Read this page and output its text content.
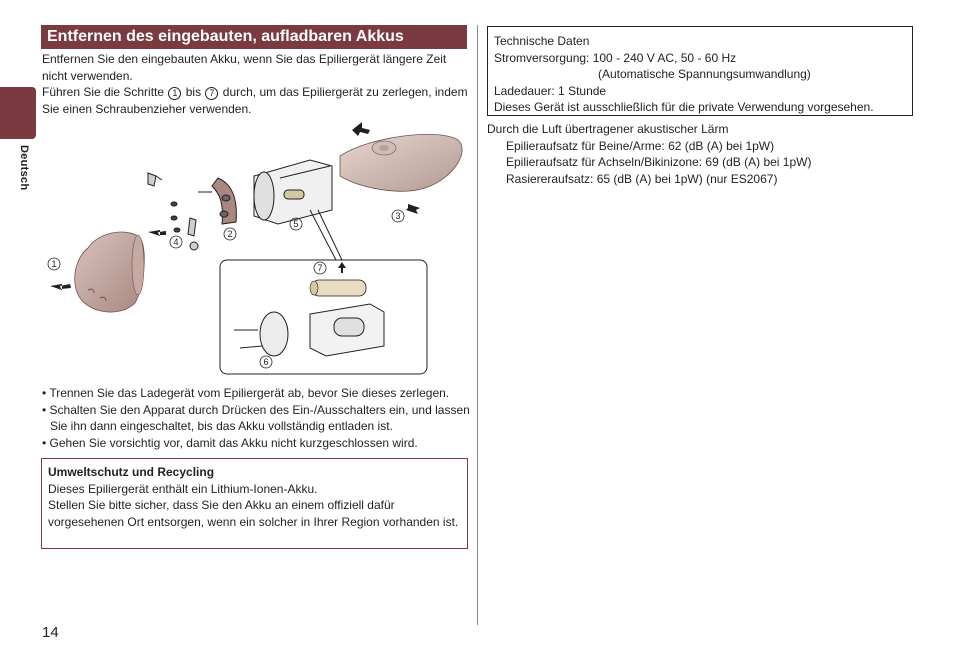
Deutsch
Entfernen des eingebauten, aufladbaren Akkus

Entfernen Sie den eingebauten Akku, wenn Sie das Epiliergerät längere Zeit nicht verwenden.

Führen Sie die Schritte 1 bis 7 durch, um das Epiliergerät zu zerlegen, indem Sie einen Schraubenzieher verwenden.

1
2
3
4
5
6
7
• Trennen Sie das Ladegerät vom Epiliergerät ab, bevor Sie dieses zerlegen.
• Schalten Sie den Apparat durch Drücken des Ein-/Ausschalters ein, und lassen Sie ihn dann eingeschaltet, bis das Akku vollständig entladen ist.
• Gehen Sie vorsichtig vor, damit das Akku nicht kurzgeschlossen wird.

Umweltschutz und Recycling

Dieses Epiliergerät enthält ein Lithium-Ionen-Akku.

Stellen Sie bitte sicher, dass Sie den Akku an einem offiziell dafür vorgesehenen Ort entsorgen, wenn ein solcher in Ihrer Region vorhanden ist.

Technische Daten

Stromversorgung: 100 - 240 V AC, 50 - 60 Hz

(Automatische Spannungsumwandlung)

Ladedauer: 1 Stunde

Dieses Gerät ist ausschließlich für die private Verwendung vorgesehen.

Durch die Luft übertragener akustischer Lärm

Epilieraufsatz für Beine/Arme: 62 (dB (A) bei 1pW)

Epilieraufsatz für Achseln/Bikinizone: 69 (dB (A) bei 1pW)

Rasiereraufsatz: 65 (dB (A) bei 1pW) (nur ES2067)

14
